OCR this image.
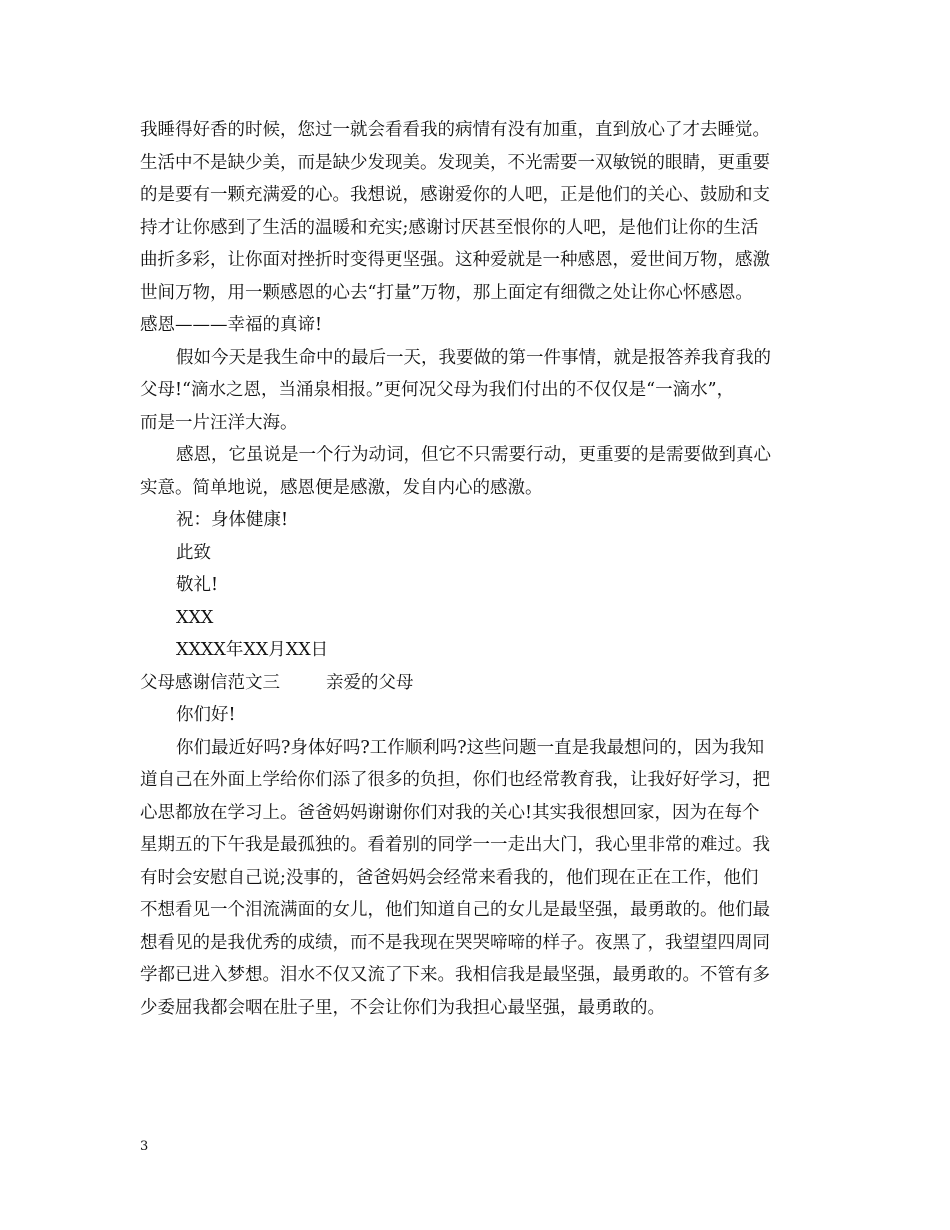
我睡得好香的时候，您过一就会看看我的病情有没有加重，直到放心了才去睡觉。
生活中不是缺少美，而是缺少发现美。发现美，不光需要一双敏锐的眼睛，更重要
的是要有一颗充满爱的心。我想说，感谢爱你的人吧，正是他们的关心、鼓励和支
持才让你感到了生活的温暖和充实;感谢讨厌甚至恨你的人吧，是他们让你的生活
曲折多彩，让你面对挫折时变得更坚强。这种爱就是一种感恩，爱世间万物，感激
世间万物，用一颗感恩的心去“打量”万物，那上面定有细微之处让你心怀感恩。
感恩———幸福的真谛!
假如今天是我生命中的最后一天，我要做的第一件事情，就是报答养我育我的
父母!“滴水之恩，当涌泉相报。”更何况父母为我们付出的不仅仅是“一滴水”，
而是一片汪洋大海。
感恩，它虽说是一个行为动词，但它不只需要行动，更重要的是需要做到真心
实意。简单地说，感恩便是感激，发自内心的感激。
祝：身体健康!
此致
敬礼!
XXX
XXXX年XX月XX日
父母感谢信范文三	亲爱的父母
你们好!
你们最近好吗?身体好吗?工作顺利吗?这些问题一直是我最想问的，因为我知
道自己在外面上学给你们添了很多的负担，你们也经常教育我，让我好好学习，把
心思都放在学习上。爸爸妈妈谢谢你们对我的关心!其实我很想回家，因为在每个
星期五的下午我是最孤独的。看着别的同学一一走出大门，我心里非常的难过。我
有时会安慰自己说;没事的，爸爸妈妈会经常来看我的，他们现在正在工作，他们
不想看见一个泪流满面的女儿，他们知道自己的女儿是最坚强，最勇敢的。他们最
想看见的是我优秀的成绩，而不是我现在哭哭啼啼的样子。夜黑了，我望望四周同
学都已进入梦想。泪水不仅又流了下来。我相信我是最坚强，最勇敢的。不管有多
少委屈我都会咽在肚子里，不会让你们为我担心最坚强，最勇敢的。
3
